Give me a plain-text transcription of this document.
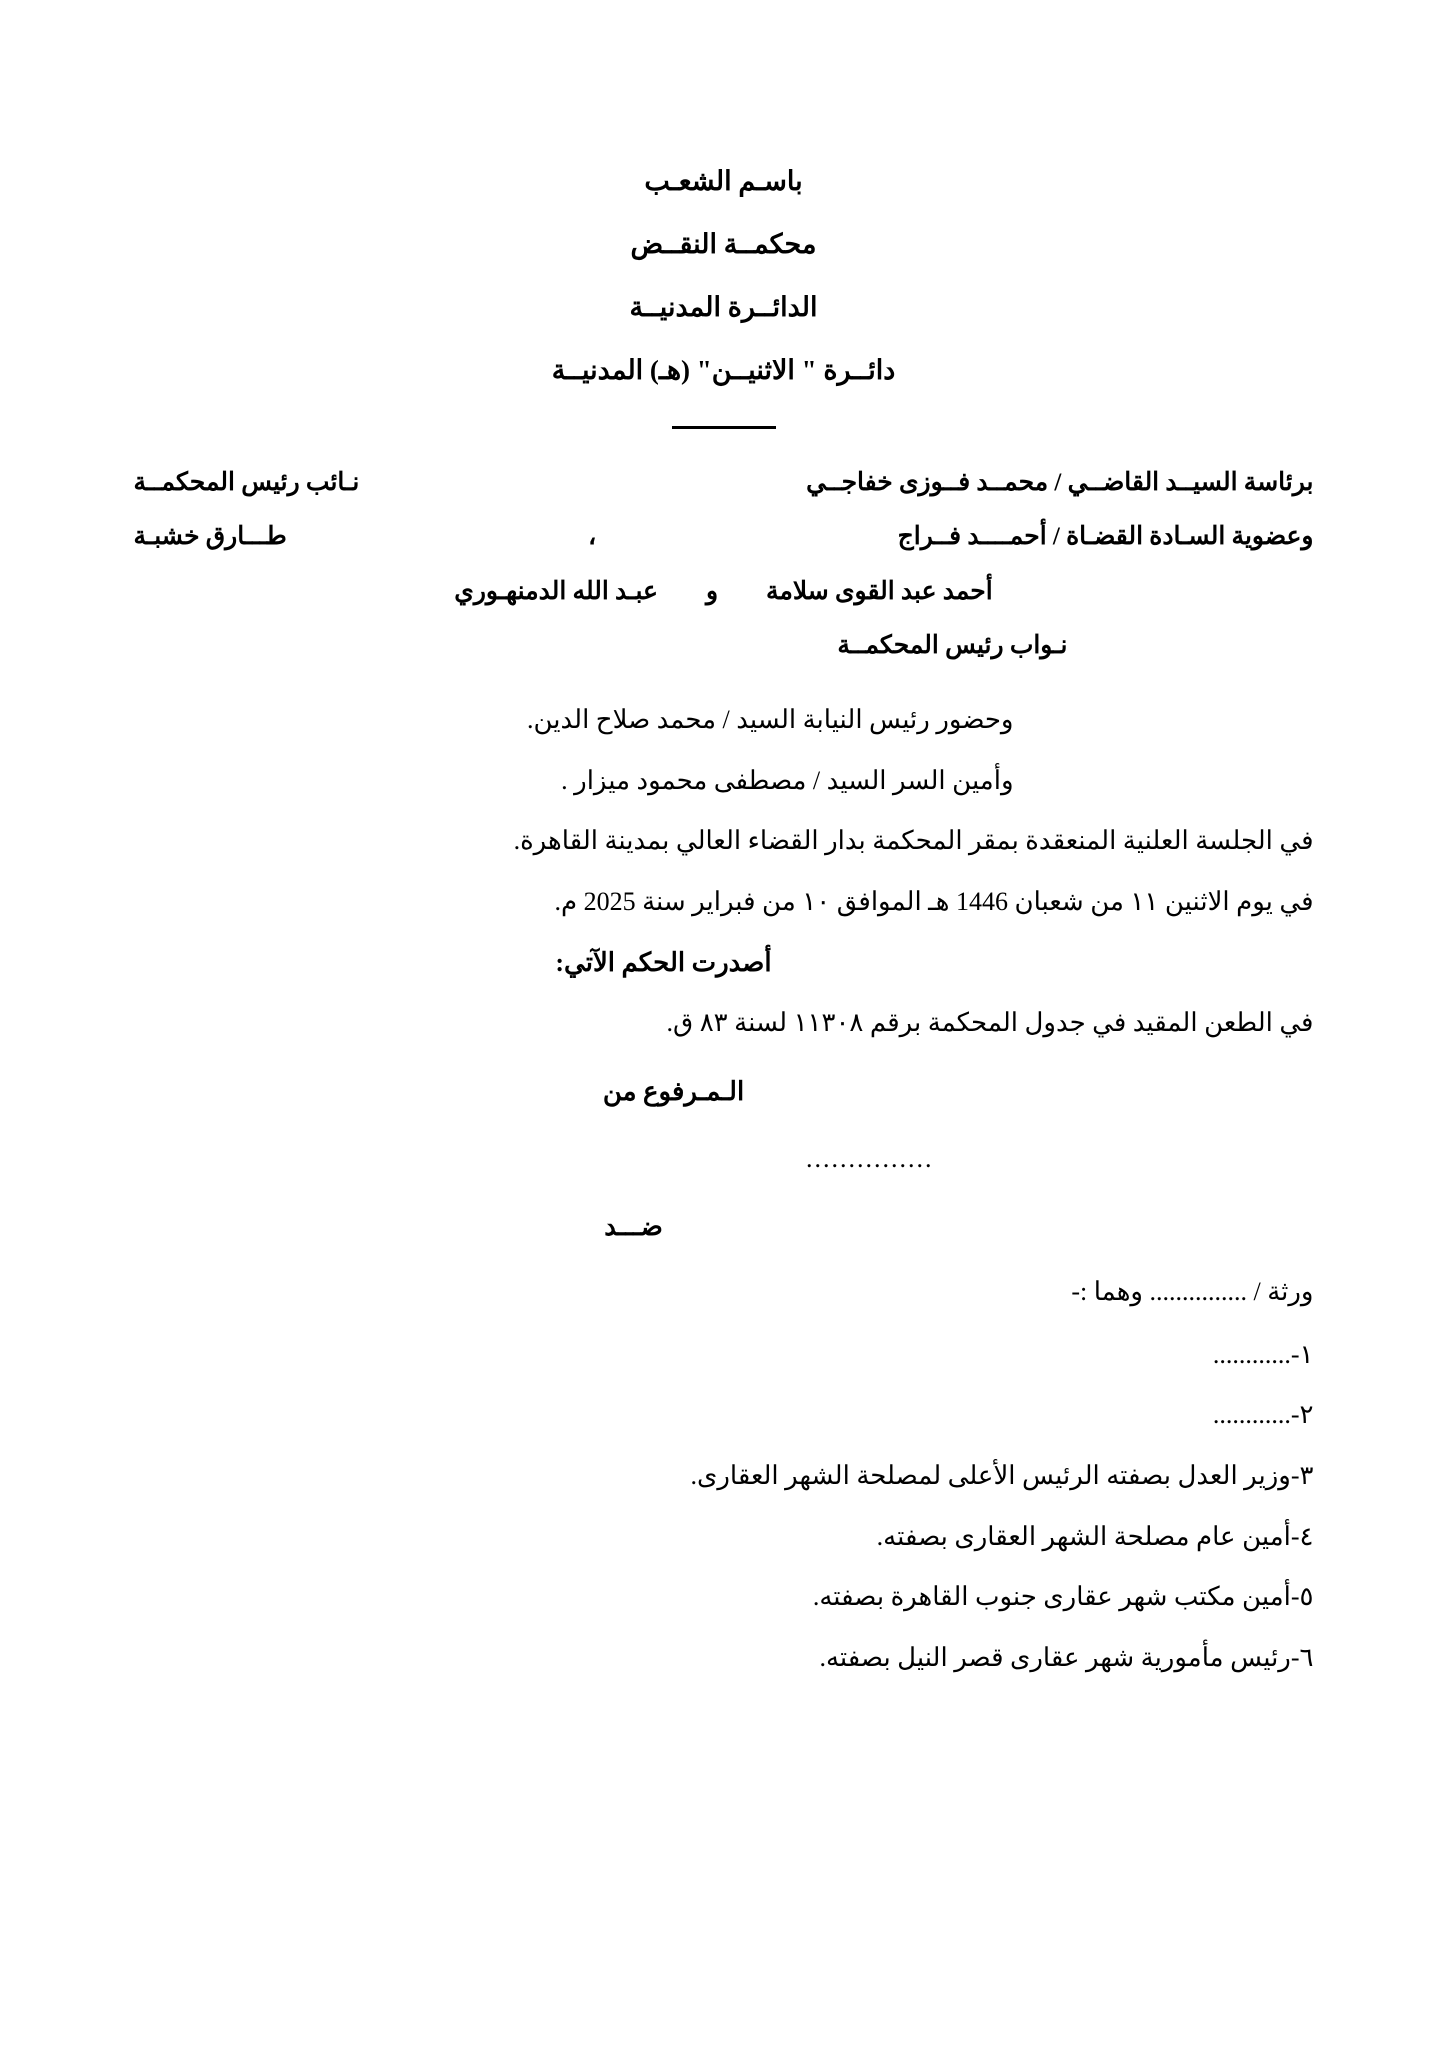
باسـم الشعـب
محكمــة النقــض
الدائــرة المدنيــة
دائــرة " الاثنيــن" (هـ) المدنيــة
برئاسة السيــد القاضــي / محمــد فــوزى خفاجــي
نـائب رئيس المحكمــة
وعضوية السـادة القضـاة / أحمــــد فــراج
،
طـــارق خشبـة
أحمد عبد القوى سلامة
و
عبـد الله الدمنهـوري
نـواب رئيس المحكمــة

وحضور رئيس النيابة السيد / محمد صلاح الدين.

وأمين السر السيد / مصطفى محمود ميزار .

في الجلسة العلنية المنعقدة بمقر المحكمة بدار القضاء العالي بمدينة القاهرة.

في يوم الاثنين ١١ من شعبان 1446 هـ الموافق ١٠ من فبراير سنة 2025 م.

أصدرت الحكم الآتي:

في الطعن المقيد في جدول المحكمة برقم ١١٣٠٨ لسنة ٨٣ ق.

الـمـرفوع من

...............

ضـــد

ورثة / ............... وهما :-

١-............
٢-............
٣-وزير العدل بصفته الرئيس الأعلى لمصلحة الشهر العقارى.
٤-أمين عام مصلحة الشهر العقارى بصفته.
٥-أمين مكتب شهر عقارى جنوب القاهرة بصفته.
٦-رئيس مأمورية شهر عقارى قصر النيل بصفته.
